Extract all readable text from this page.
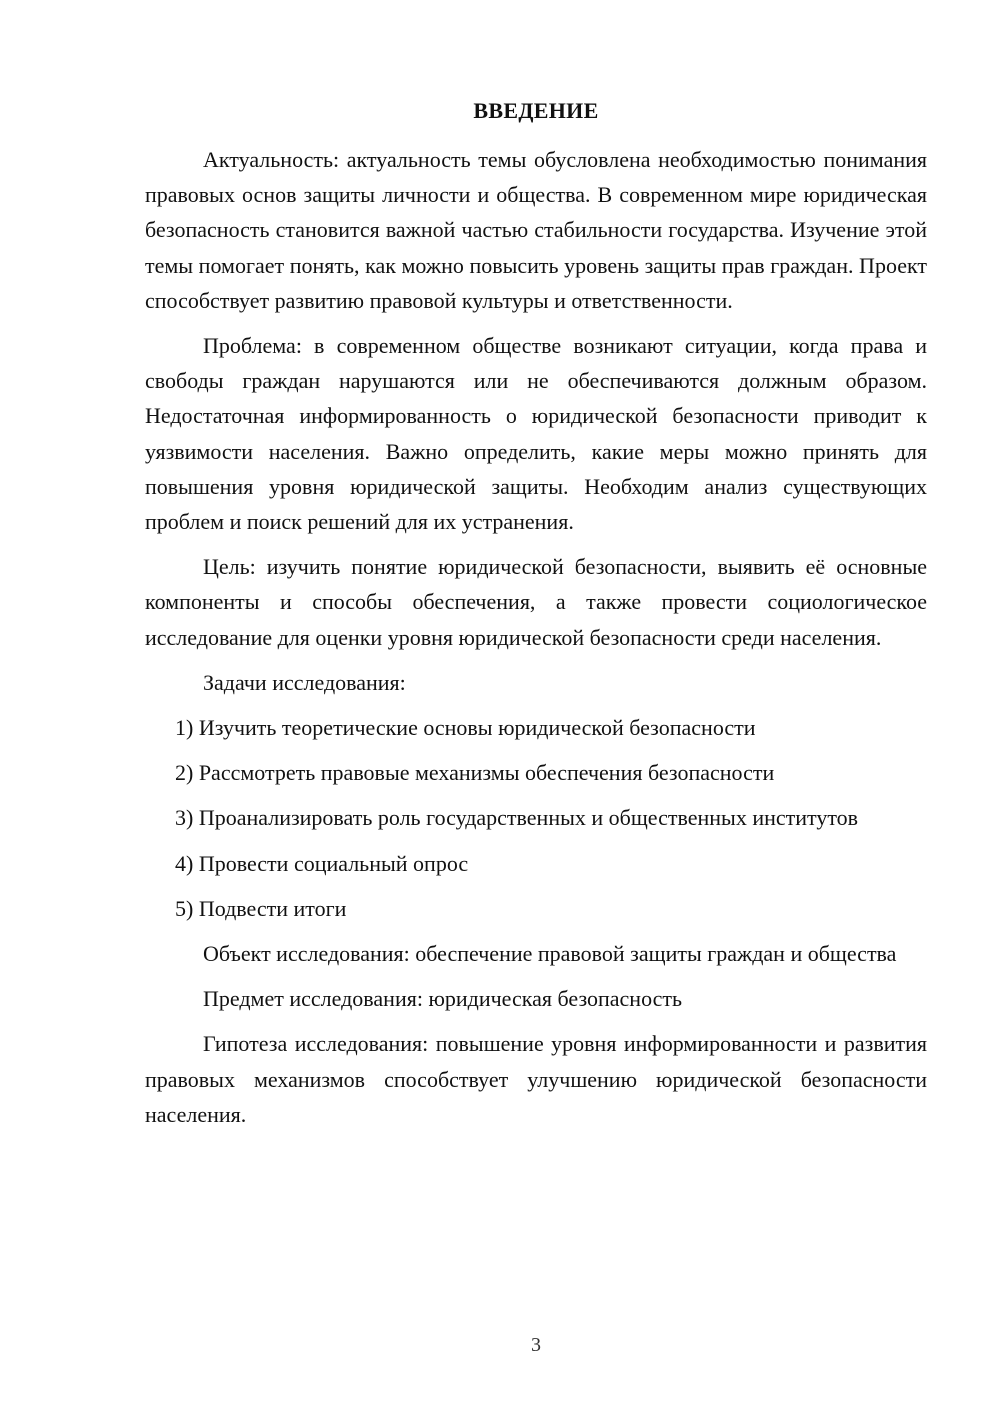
ВВЕДЕНИЕ

Актуальность: актуальность темы обусловлена необходимостью понимания правовых основ защиты личности и общества. В современном мире юридическая безопасность становится важной частью стабильности государства. Изучение этой темы помогает понять, как можно повысить уровень защиты прав граждан. Проект способствует развитию правовой культуры и ответственности.

Проблема: в современном обществе возникают ситуации, когда права и свободы граждан нарушаются или не обеспечиваются должным образом. Недостаточная информированность о юридической безопасности приводит к уязвимости населения. Важно определить, какие меры можно принять для повышения уровня юридической защиты. Необходим анализ существующих проблем и поиск решений для их устранения.

Цель: изучить понятие юридической безопасности, выявить её основные компоненты и способы обеспечения, а также провести социологическое исследование для оценки уровня юридической безопасности среди населения.

Задачи исследования:

1) Изучить теоретические основы юридической безопасности

2) Рассмотреть правовые механизмы обеспечения безопасности

3) Проанализировать роль государственных и общественных институтов

4) Провести социальный опрос

5) Подвести итоги

Объект исследования: обеспечение правовой защиты граждан и общества

Предмет исследования: юридическая безопасность

Гипотеза исследования: повышение уровня информированности и развития правовых механизмов способствует улучшению юридической безопасности населения.

3
